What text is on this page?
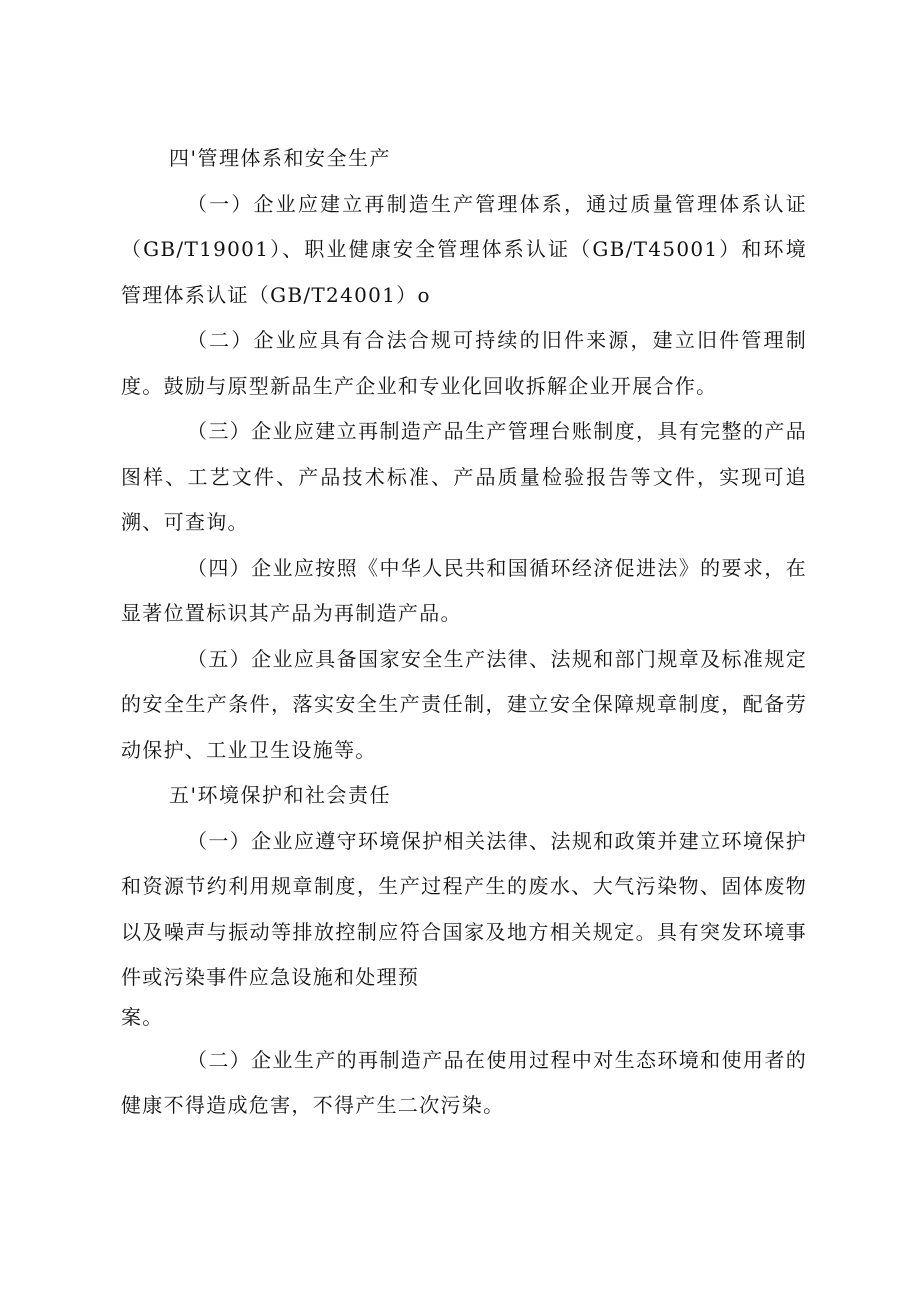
四'管理体系和安全生产

（一）企业应建立再制造生产管理体系，通过质量管理体系认证（GB/T19001）、职业健康安全管理体系认证（GB/T45001）和环境管理体系认证（GB/T24001）o

（二）企业应具有合法合规可持续的旧件来源，建立旧件管理制度。鼓励与原型新品生产企业和专业化回收拆解企业开展合作。

（三）企业应建立再制造产品生产管理台账制度，具有完整的产品图样、工艺文件、产品技术标准、产品质量检验报告等文件，实现可追溯、可查询。

（四）企业应按照《中华人民共和国循环经济促进法》的要求，在显著位置标识其产品为再制造产品。

（五）企业应具备国家安全生产法律、法规和部门规章及标准规定的安全生产条件，落实安全生产责任制，建立安全保障规章制度，配备劳动保护、工业卫生设施等。

五'环境保护和社会责任

（一）企业应遵守环境保护相关法律、法规和政策并建立环境保护和资源节约利用规章制度，生产过程产生的废水、大气污染物、固体废物以及噪声与振动等排放控制应符合国家及地方相关规定。具有突发环境事件或污染事件应急设施和处理预

案。

（二）企业生产的再制造产品在使用过程中对生态环境和使用者的健康不得造成危害，不得产生二次污染。
